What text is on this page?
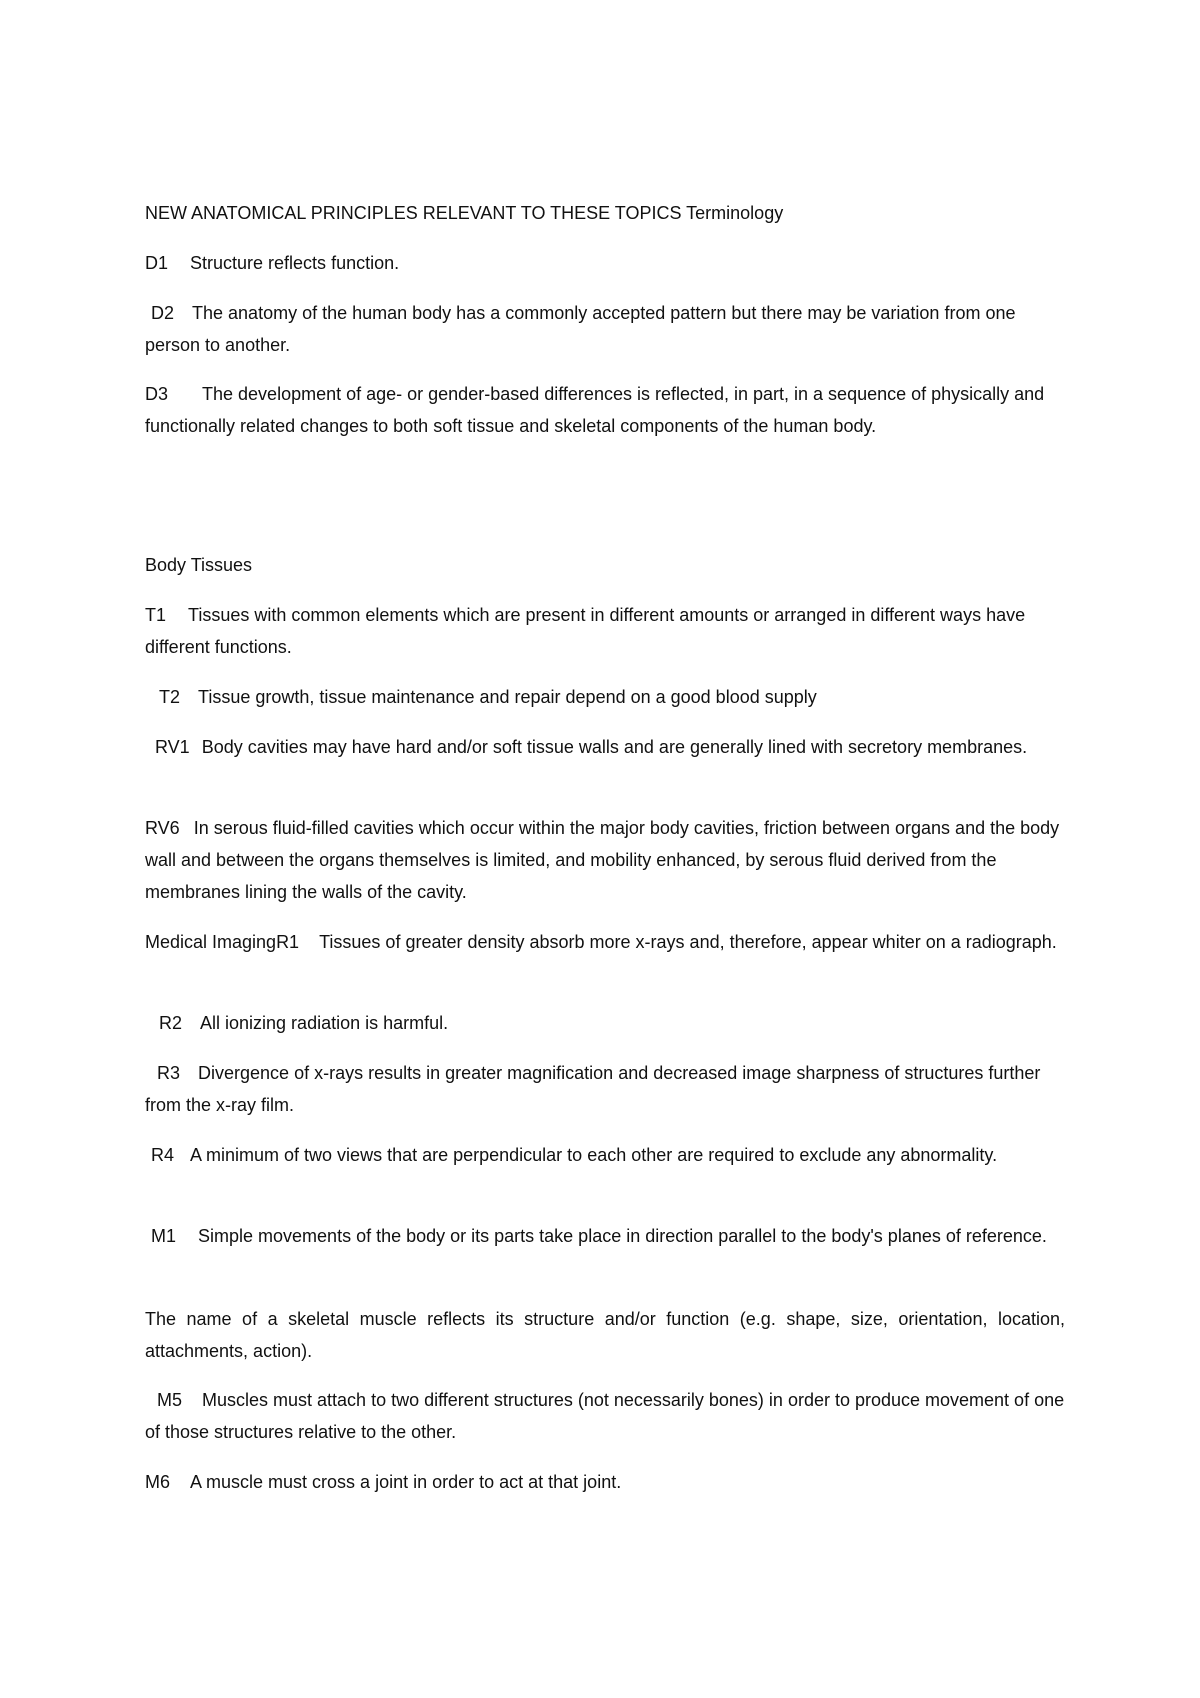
NEW ANATOMICAL PRINCIPLES RELEVANT TO THESE TOPICS Terminology

D1 Structure reflects function.

D2 The anatomy of the human body has a commonly accepted pattern but there may be variation from one person to another.

D3 The development of age- or gender-based differences is reflected, in part, in a sequence of physically and functionally related changes to both soft tissue and skeletal components of the human body.

Body Tissues

T1 Tissues with common elements which are present in different amounts or arranged in different ways have different functions.

T2 Tissue growth, tissue maintenance and repair depend on a good blood supply

RV1 Body cavities may have hard and/or soft tissue walls and are generally lined with secretory membranes.

RV6 In serous fluid-filled cavities which occur within the major body cavities, friction between organs and the body wall and between the organs themselves is limited, and mobility enhanced, by serous fluid derived from the membranes lining the walls of the cavity.

Medical ImagingR1 Tissues of greater density absorb more x-rays and, therefore, appear whiter on a radiograph.

R2 All ionizing radiation is harmful.

R3 Divergence of x-rays results in greater magnification and decreased image sharpness of structures further from the x-ray film.

R4 A minimum of two views that are perpendicular to each other are required to exclude any abnormality.

M1 Simple movements of the body or its parts take place in direction parallel to the body's planes of reference.

The name of a skeletal muscle reflects its structure and/or function (e.g. shape, size, orientation, location, attachments, action).

M5 Muscles must attach to two different structures (not necessarily bones) in order to produce movement of one of those structures relative to the other.

M6 A muscle must cross a joint in order to act at that joint.
